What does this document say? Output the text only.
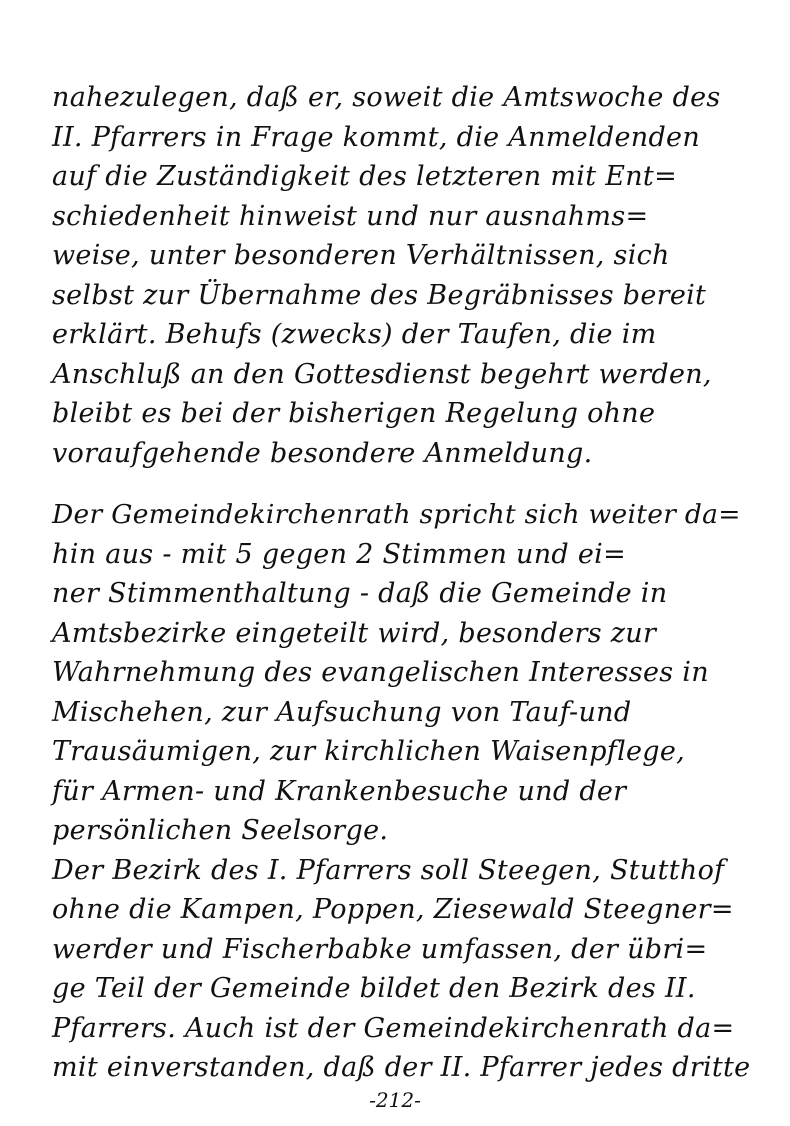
nahezulegen, daß er, soweit die Amtswoche des
II. Pfarrers in Frage kommt, die Anmeldenden
auf die Zuständigkeit des letzteren mit Ent=
schiedenheit hinweist und nur ausnahms=
weise, unter besonderen Verhältnissen, sich
selbst zur Übernahme des Begräbnisses bereit
erklärt. Behufs (zwecks) der Taufen, die im
Anschluß an den Gottesdienst begehrt werden,
bleibt es bei der bisherigen Regelung ohne
voraufgehende besondere Anmeldung.
Der Gemeindekirchenrath spricht sich weiter da=
hin aus - mit 5 gegen 2 Stimmen und ei=
ner Stimmenthaltung - daß die Gemeinde in
Amtsbezirke eingeteilt wird, besonders zur
Wahrnehmung des evangelischen Interesses in
Mischehen, zur Aufsuchung von Tauf-und
Trausäumigen, zur kirchlichen Waisenpflege,
für Armen- und Krankenbesuche und der
persönlichen Seelsorge.
Der Bezirk des I. Pfarrers soll Steegen, Stutthof
ohne die Kampen, Poppen, Ziesewald Steegner=
werder und Fischerbabke umfassen, der übri=
ge Teil der Gemeinde bildet den Bezirk des II.
Pfarrers. Auch ist der Gemeindekirchenrath da=
mit einverstanden, daß der II. Pfarrer jedes dritte
-212-
